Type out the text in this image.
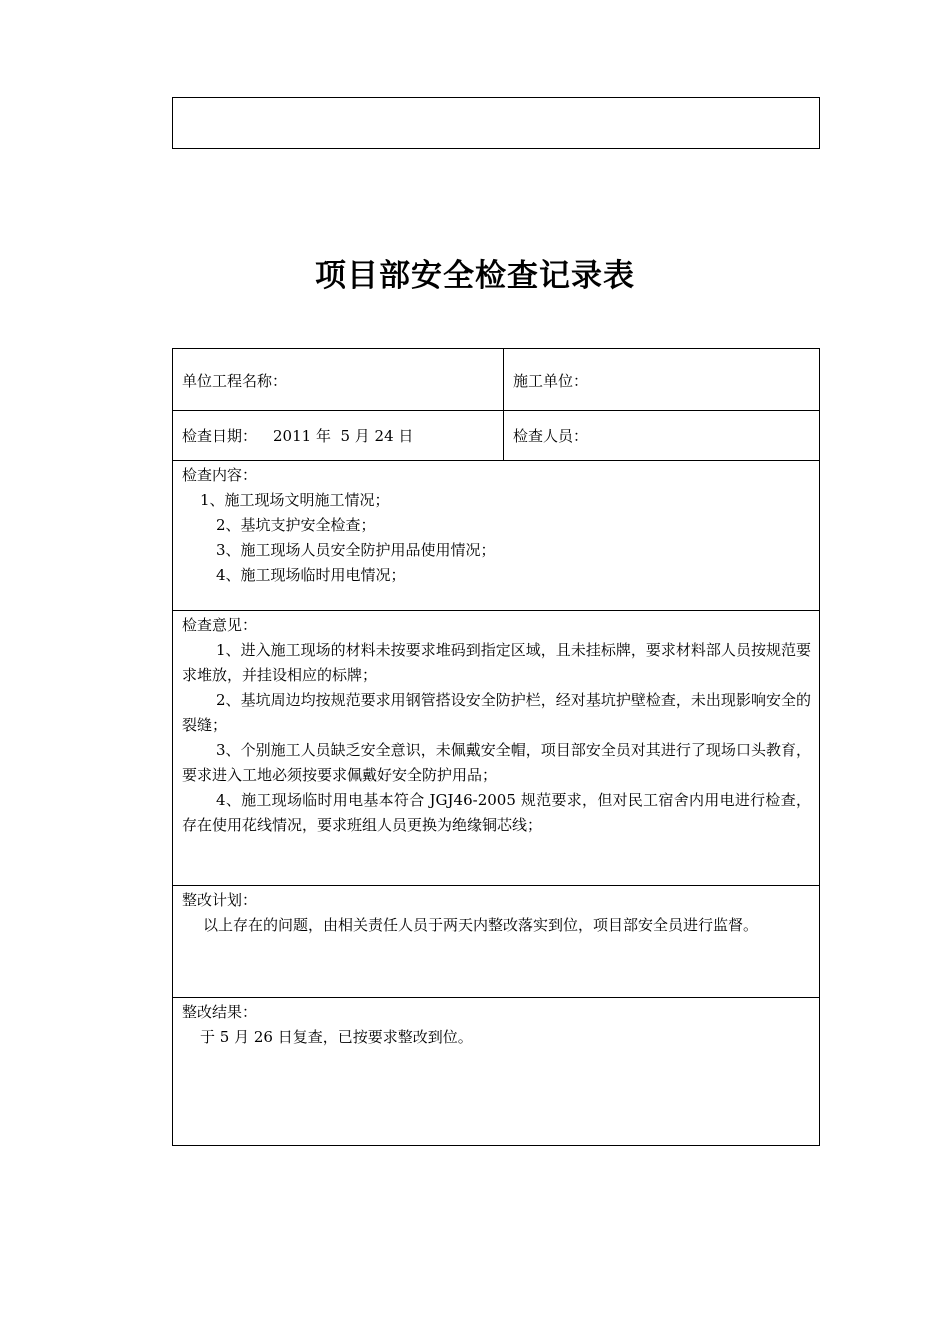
项目部安全检查记录表
单位工程名称：	施工单位：
检查日期： 2011 年  5 月 24 日	检查人员：

检查内容：

1、施工现场文明施工情况；

2、基坑支护安全检查；

3、施工现场人员安全防护用品使用情况；

4、施工现场临时用电情况；

检查意见：

1、进入施工现场的材料未按要求堆码到指定区域，且未挂标牌，要求材料部人员按规范要求堆放，并挂设相应的标牌；

2、基坑周边均按规范要求用钢管搭设安全防护栏，经对基坑护壁检查，未出现影响安全的裂缝；

3、个别施工人员缺乏安全意识，未佩戴安全帽，项目部安全员对其进行了现场口头教育，要求进入工地必须按要求佩戴好安全防护用品；

4、施工现场临时用电基本符合 JGJ46-2005 规范要求，但对民工宿舍内用电进行检查，存在使用花线情况，要求班组人员更换为绝缘铜芯线；

整改计划：

以上存在的问题，由相关责任人员于两天内整改落实到位，项目部安全员进行监督。

整改结果：

于 5 月 26 日复查，已按要求整改到位。
